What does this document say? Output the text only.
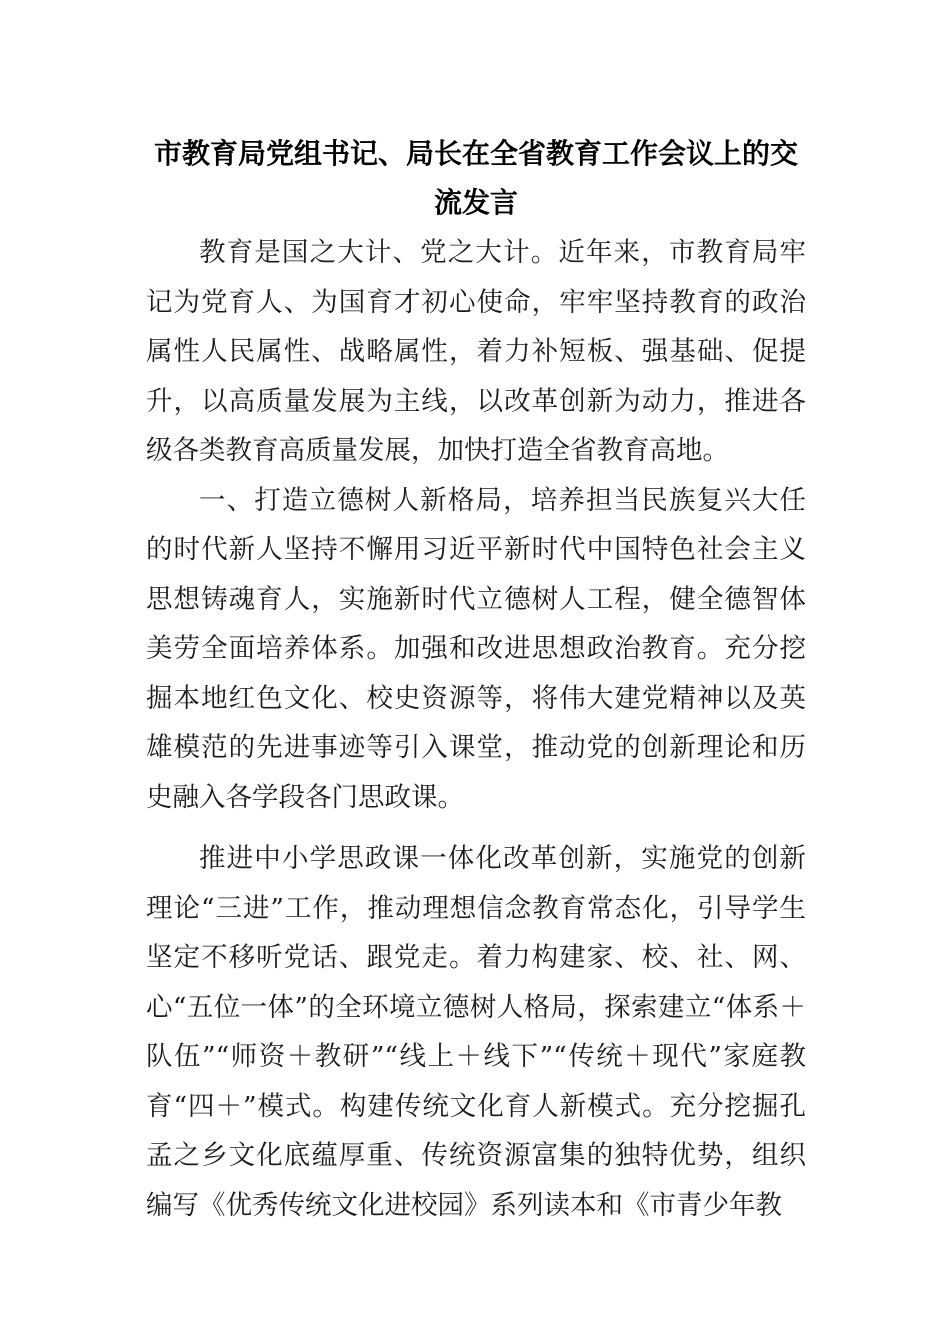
市教育局党组书记、局长在全省教育工作会议上的交流发言

教育是国之大计、党之大计。近年来，市教育局牢记为党育人、为国育才初心使命，牢牢坚持教育的政治属性人民属性、战略属性，着力补短板、强基础、促提升，以高质量发展为主线，以改革创新为动力，推进各级各类教育高质量发展，加快打造全省教育高地。

一、打造立德树人新格局，培养担当民族复兴大任的时代新人坚持不懈用习近平新时代中国特色社会主义思想铸魂育人，实施新时代立德树人工程，健全德智体美劳全面培养体系。加强和改进思想政治教育。充分挖掘本地红色文化、校史资源等，将伟大建党精神以及英雄模范的先进事迹等引入课堂，推动党的创新理论和历史融入各学段各门思政课。

推进中小学思政课一体化改革创新，实施党的创新理论“三进”工作，推动理想信念教育常态化，引导学生坚定不移听党话、跟党走。着力构建家、校、社、网、心“五位一体”的全环境立德树人格局，探索建立“体系＋队伍”“师资＋教研”“线上＋线下”“传统＋现代”家庭教育“四＋”模式。构建传统文化育人新模式。充分挖掘孔孟之乡文化底蕴厚重、传统资源富集的独特优势，组织编写《优秀传统文化进校园》系列读本和《市青少年教
